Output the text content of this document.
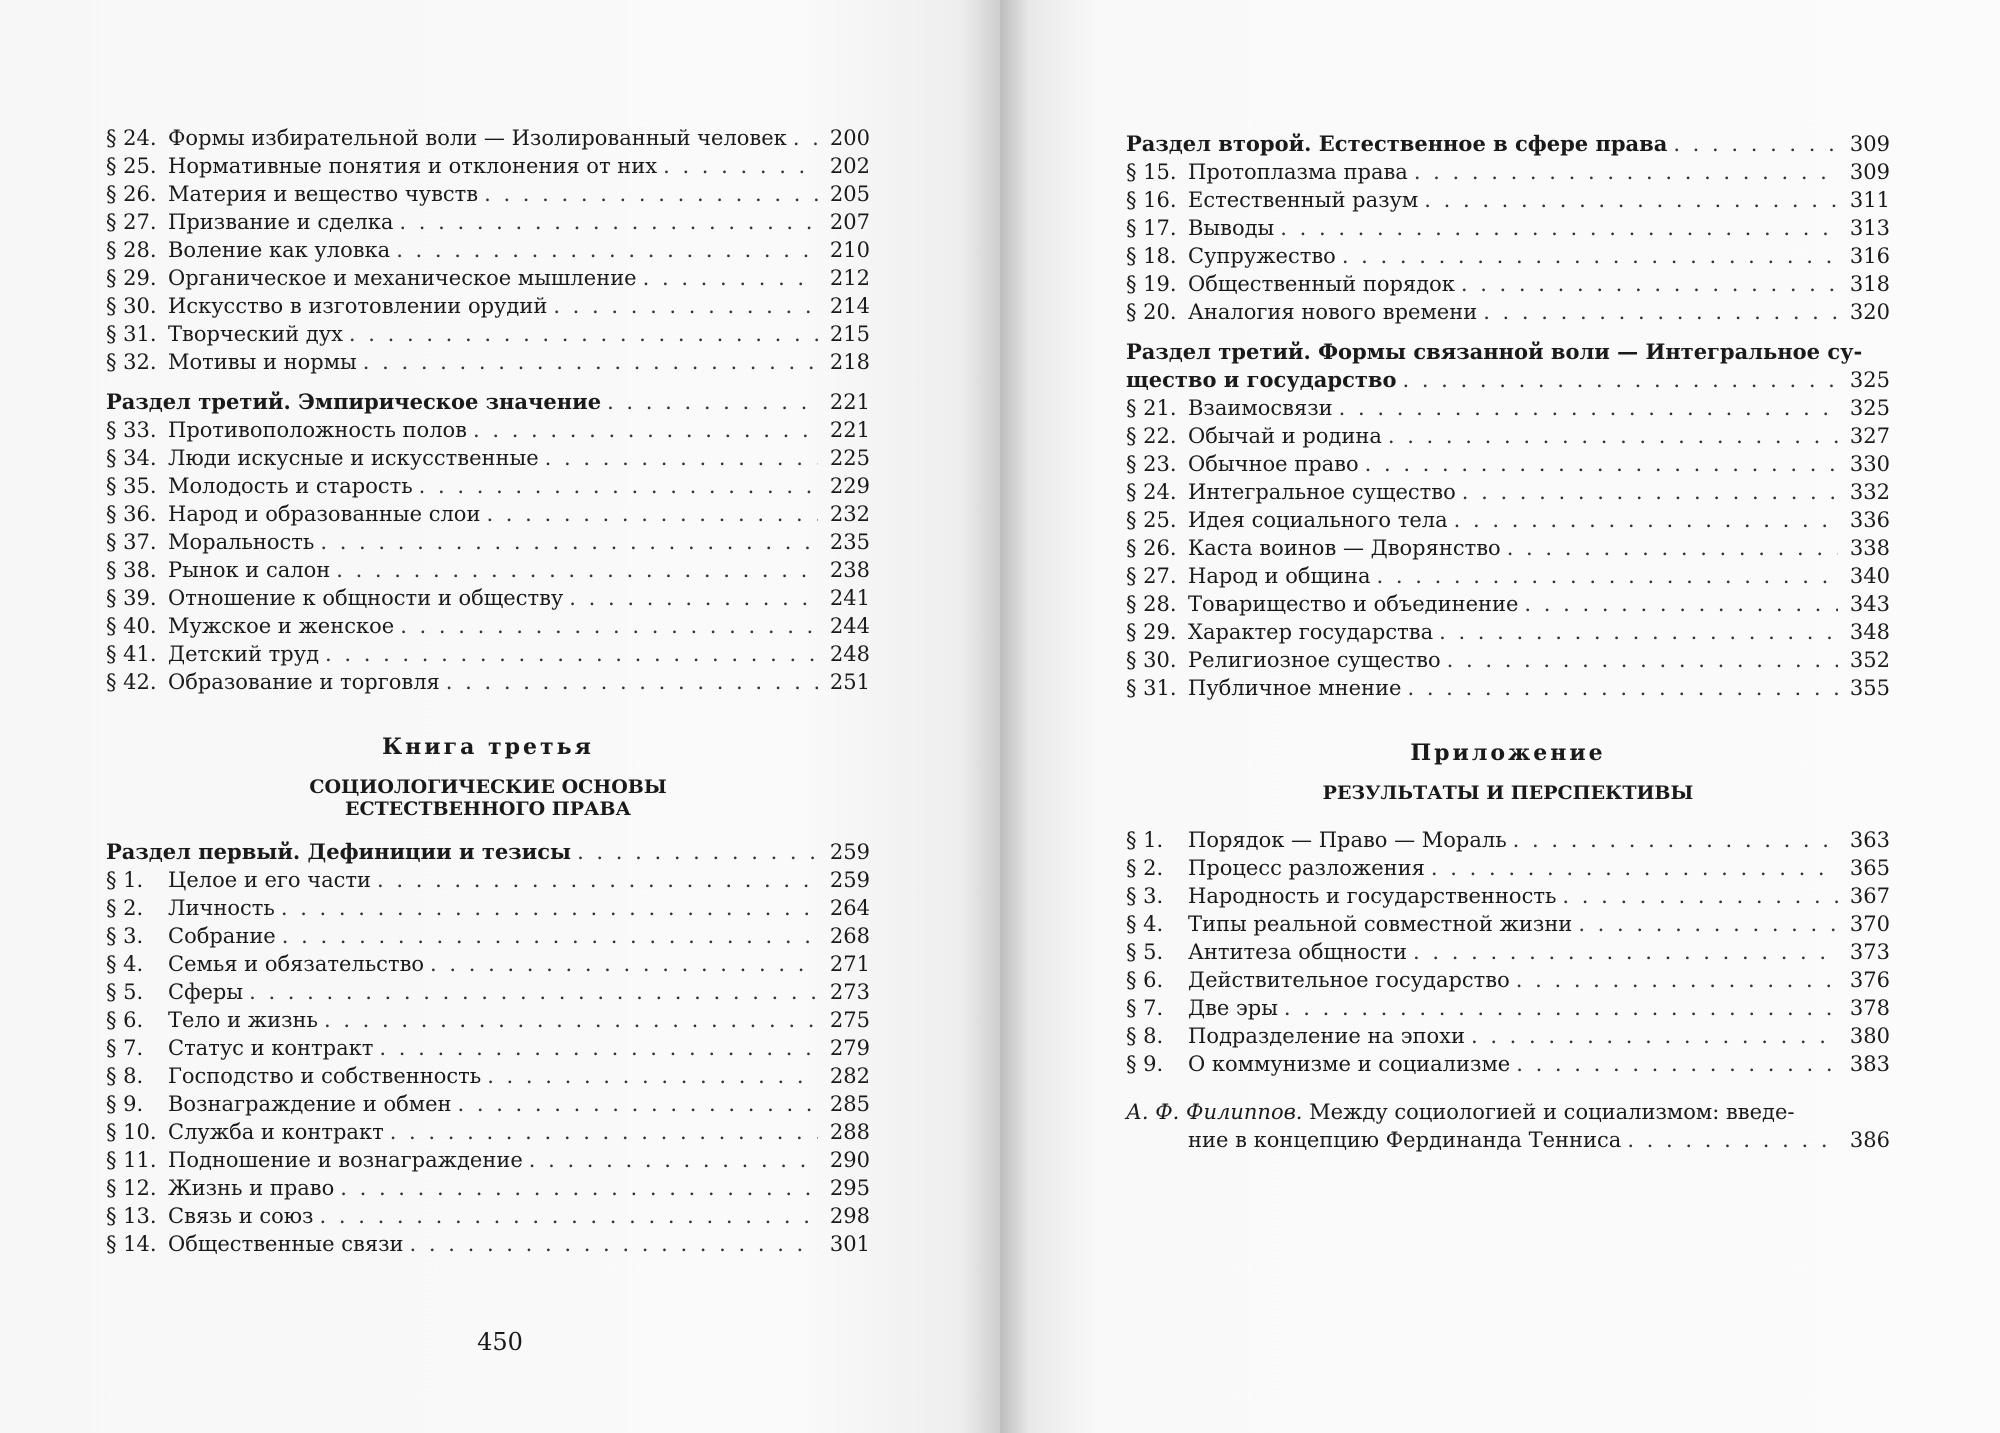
§ 24. Формы избирательной воли — Изолированный человек . . . 200
§ 25. Нормативные понятия и отклонения от них . . .	202
§ 26. Материя и вещество чувств . . .	205
§ 27. Призвание и сделка . . .	207
§ 28. Воление как уловка . . .	210
§ 29. Органическое и механическое мышление . . .	212
§ 30. Искусство в изготовлении орудий . . .	214
§ 31. Творческий дух . . .	215
§ 32. Мотивы и нормы . . .	218
Раздел третий. Эмпирическое значение . . .	221
§ 33. Противоположность полов . . .	221
§ 34. Люди искусные и искусственные . . .	225
§ 35. Молодость и старость . . .	229
§ 36. Народ и образованные слои . . .	232
§ 37. Моральность . . .	235
§ 38. Рынок и салон . . .	238
§ 39. Отношение к общности и обществу . . .	241
§ 40. Мужское и женское . . .	244
§ 41. Детский труд . . .	248
§ 42. Образование и торговля . . .	251
Книга третья
СОЦИОЛОГИЧЕСКИЕ ОСНОВЫ
ЕСТЕСТВЕННОГО ПРАВА
Раздел первый. Дефиниции и тезисы . . .	259
§ 1.	Целое и его части . . .	259
§ 2.	Личность . . .	264
§ 3.	Собрание . . .	268
§ 4.	Семья и обязательство . . .	271
§ 5.	Сферы . . .	273
§ 6.	Тело и жизнь . . .	275
§ 7.	Статус и контракт . . .	279
§ 8.	Господство и собственность . . .	282
§ 9.	Вознаграждение и обмен . . .	285
§ 10. Служба и контракт . . .	288
§ 11. Подношение и вознаграждение . . .	290
§ 12. Жизнь и право . . .	295
§ 13. Связь и союз . . .	298
§ 14. Общественные связи . . .	301
450
Раздел второй. Естественное в сфере права . . .	309
§ 15. Протоплазма права . . .	309
§ 16. Естественный разум . . .	311
§ 17. Выводы . . .	313
§ 18. Супружество . . .	316
§ 19. Общественный порядок . . .	318
§ 20. Аналогия нового времени . . .	320
Раздел третий. Формы связанной воли — Интегральное су-
щество и государство . . .	325
§ 21. Взаимосвязи . . .	325
§ 22. Обычай и родина . . .	327
§ 23. Обычное право . . .	330
§ 24. Интегральное существо . . .	332
§ 25. Идея социального тела . . .	336
§ 26. Каста воинов — Дворянство . . .	338
§ 27. Народ и община . . .	340
§ 28. Товарищество и объединение . . .	343
§ 29. Характер государства . . .	348
§ 30. Религиозное существо . . .	352
§ 31. Публичное мнение . . .	355
Приложение
РЕЗУЛЬТАТЫ И ПЕРСПЕКТИВЫ
§ 1.	Порядок — Право — Мораль . . .	363
§ 2.	Процесс разложения . . .	365
§ 3.	Народность и государственность . . .	367
§ 4.	Типы реальной совместной жизни . . .	370
§ 5.	Антитеза общности . . .	373
§ 6.	Действительное государство . . .	376
§ 7.	Две эры . . .	378
§ 8.	Подразделение на эпохи . . .	380
§ 9.	О коммунизме и социализме . . .	383
А. Ф. Филиппов. Между социологией и социализмом: введе-
ние в концепцию Фердинанда Тенниса . . .	386
